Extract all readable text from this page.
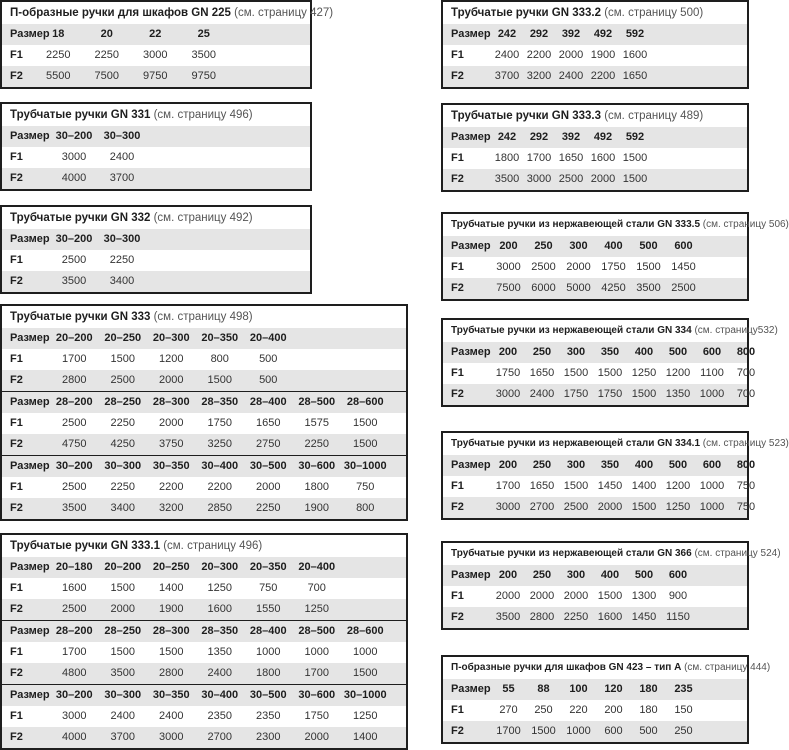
П-образные ручки для шкафов GN 225 (см. страницу 427)
Размер 18	20	22	25
F1	2250	2250	3000	3500
F2	5500	7500	9750	9750
Трубчатые ручки GN 331 (см. страницу 496)
Размер 30–200	30–300
F1	3000	2400
F2	4000	3700
Трубчатые ручки GN 332 (см. страницу 492)
Размер 30–200	30–300
F1	2500	2250
F2	3500	3400
Трубчатые ручки GN 333 (см. страницу 498)
Размер 20–200	20–250	20–300	20–350	20–400
F1	1700	1500	1200	800	500
F2	2800	2500	2000	1500	500
Размер 28–200	28–250	28–300	28–350	28–400	28–500	28–600
F1	2500	2250	2000	1750	1650	1575	1500
F2	4750	4250	3750	3250	2750	2250	1500
Размер 30–200	30–300	30–350	30–400	30–500	30–600 30–1000
F1	2500	2250	2200	2200	2000	1800	750
F2	3500	3400	3200	2850	2250	1900	800
Трубчатые ручки GN 333.1 (см. страницу 496)
Размер 20–180	20–200	20–250	20–300	20–350	20–400
F1	1600	1500	1400	1250	750	700
F2	2500	2000	1900	1600	1550	1250
Размер 28–200	28–250	28–300	28–350	28–400	28–500	28–600
F1	1700	1500	1500	1350	1000	1000	1000
F2	4800	3500	2800	2400	1800	1700	1500
Размер 30–200	30–300	30–350	30–400	30–500	30–600 30–1000
F1	3000	2400	2400	2350	2350	1750	1250
F2	4000	3700	3000	2700	2300	2000	1400
Трубчатые ручки GN 333.2 (см. страницу 500)
Размер 242	292	392	492	592
F1	2400 2200 2000 1900 1600
F2	3700 3200 2400 2200 1650
Трубчатые ручки GN 333.3 (см. страницу 489)
Размер 242	292	392	492	592
F1	1800 1700 1650 1600 1500
F2	3500 3000 2500 2000 1500
Трубчатые ручки из нержавеющей стали GN 333.5 (см. страницу 506)
Размер 200	250	300	400	500	600
F1	3000 2500 2000 1750 1500 1450
F2	7500 6000 5000 4250 3500 2500
Трубчатые ручки из нержавеющей стали GN 334 (см. страницу532)
Размер 200	250	300	350	400	500	600	800
F1	1750 1650 1500 1500 1250 1200 1100	700
F2	3000 2400 1750 1750 1500 1350 1000	700
Трубчатые ручки из нержавеющей стали GN 334.1 (см. страницу 523)
Размер 200	250	300	350	400	500	600	800
F1	1700 1650 1500 1450 1400 1200 1000	750
F2	3000 2700 2500 2000 1500 1250 1000	750
Трубчатые ручки из нержавеющей стали GN 366 (см. страницу 524)
Размер 200	250	300	400	500	600
F1	2000 2000 2000 1500 1300	900
F2	3500 2800 2250 1600 1450 1150
П-образные ручки для шкафов GN 423 – тип А (см. страницу 444)
Размер	55	88	100	120	180	235
F1	270	250	220	200	180	150
F2	1700 1500 1000	600	500	250
